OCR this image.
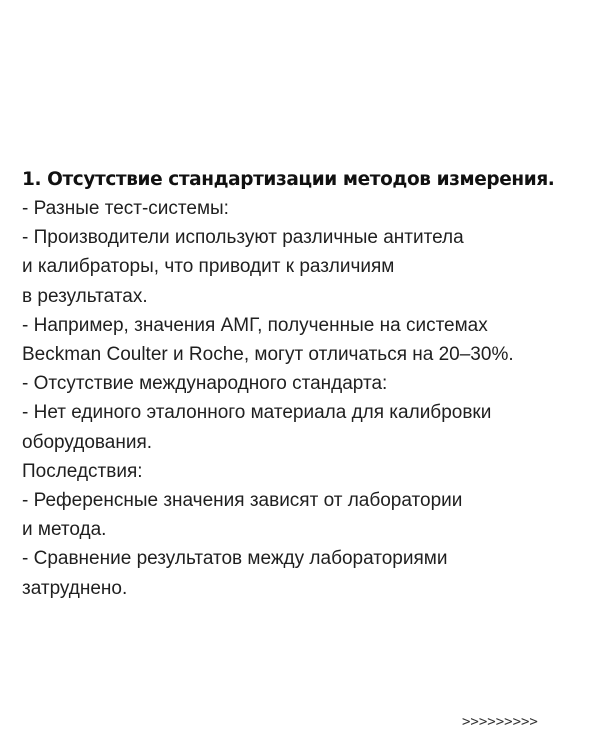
1. Отсутствие стандартизации методов измерения.

- Разные тест-системы:

- Производители используют различные антитела

и калибраторы, что приводит к различиям

в результатах.

- Например, значения АМГ, полученные на системах

Beckman Coulter и Roche, могут отличаться на 20–30%.

- Отсутствие международного стандарта:

- Нет единого эталонного материала для калибровки

оборудования.

Последствия:

- Референсные значения зависят от лаборатории

и метода.

- Сравнение результатов между лабораториями

затруднено.

>>>>>>>>>
